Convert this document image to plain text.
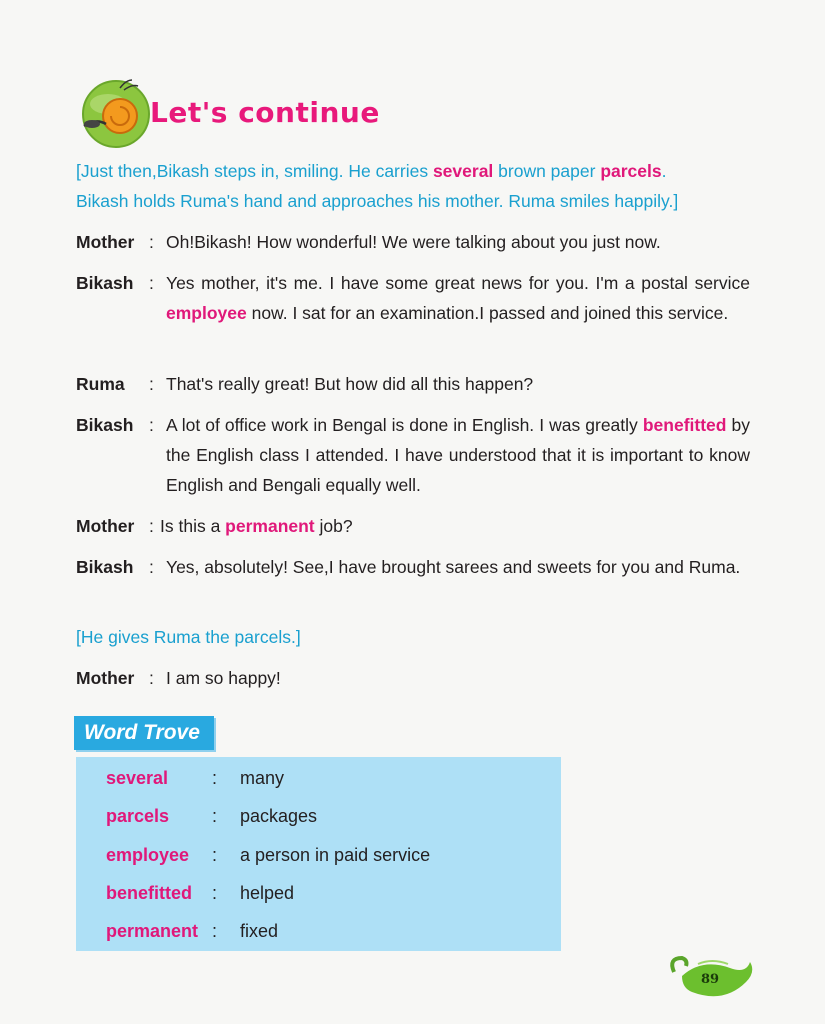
Let's continue
[Just then,Bikash steps in, smiling. He carries several brown paper parcels.
Bikash holds Ruma's hand and approaches his mother. Ruma smiles happily.]
Mother : Oh!Bikash! How wonderful! We were talking about you just now.
Bikash : Yes mother, it's me. I have some great news for you. I'm a postal service employee now. I sat for an examination.I passed and joined this service.
Ruma : That's really great! But how did all this happen?
Bikash : A lot of office work in Bengal is done in English. I was greatly benefitted by the English class I attended. I have understood that it is important to know English and Bengali equally well.
Mother : Is this a permanent job?
Bikash : Yes, absolutely! See,I have brought sarees and sweets for you and Ruma.
[He gives Ruma the parcels.]
Mother : I am so happy!
Word Trove
several : many
parcels : packages
employee : a person in paid service
benefitted : helped
permanent : fixed
89
